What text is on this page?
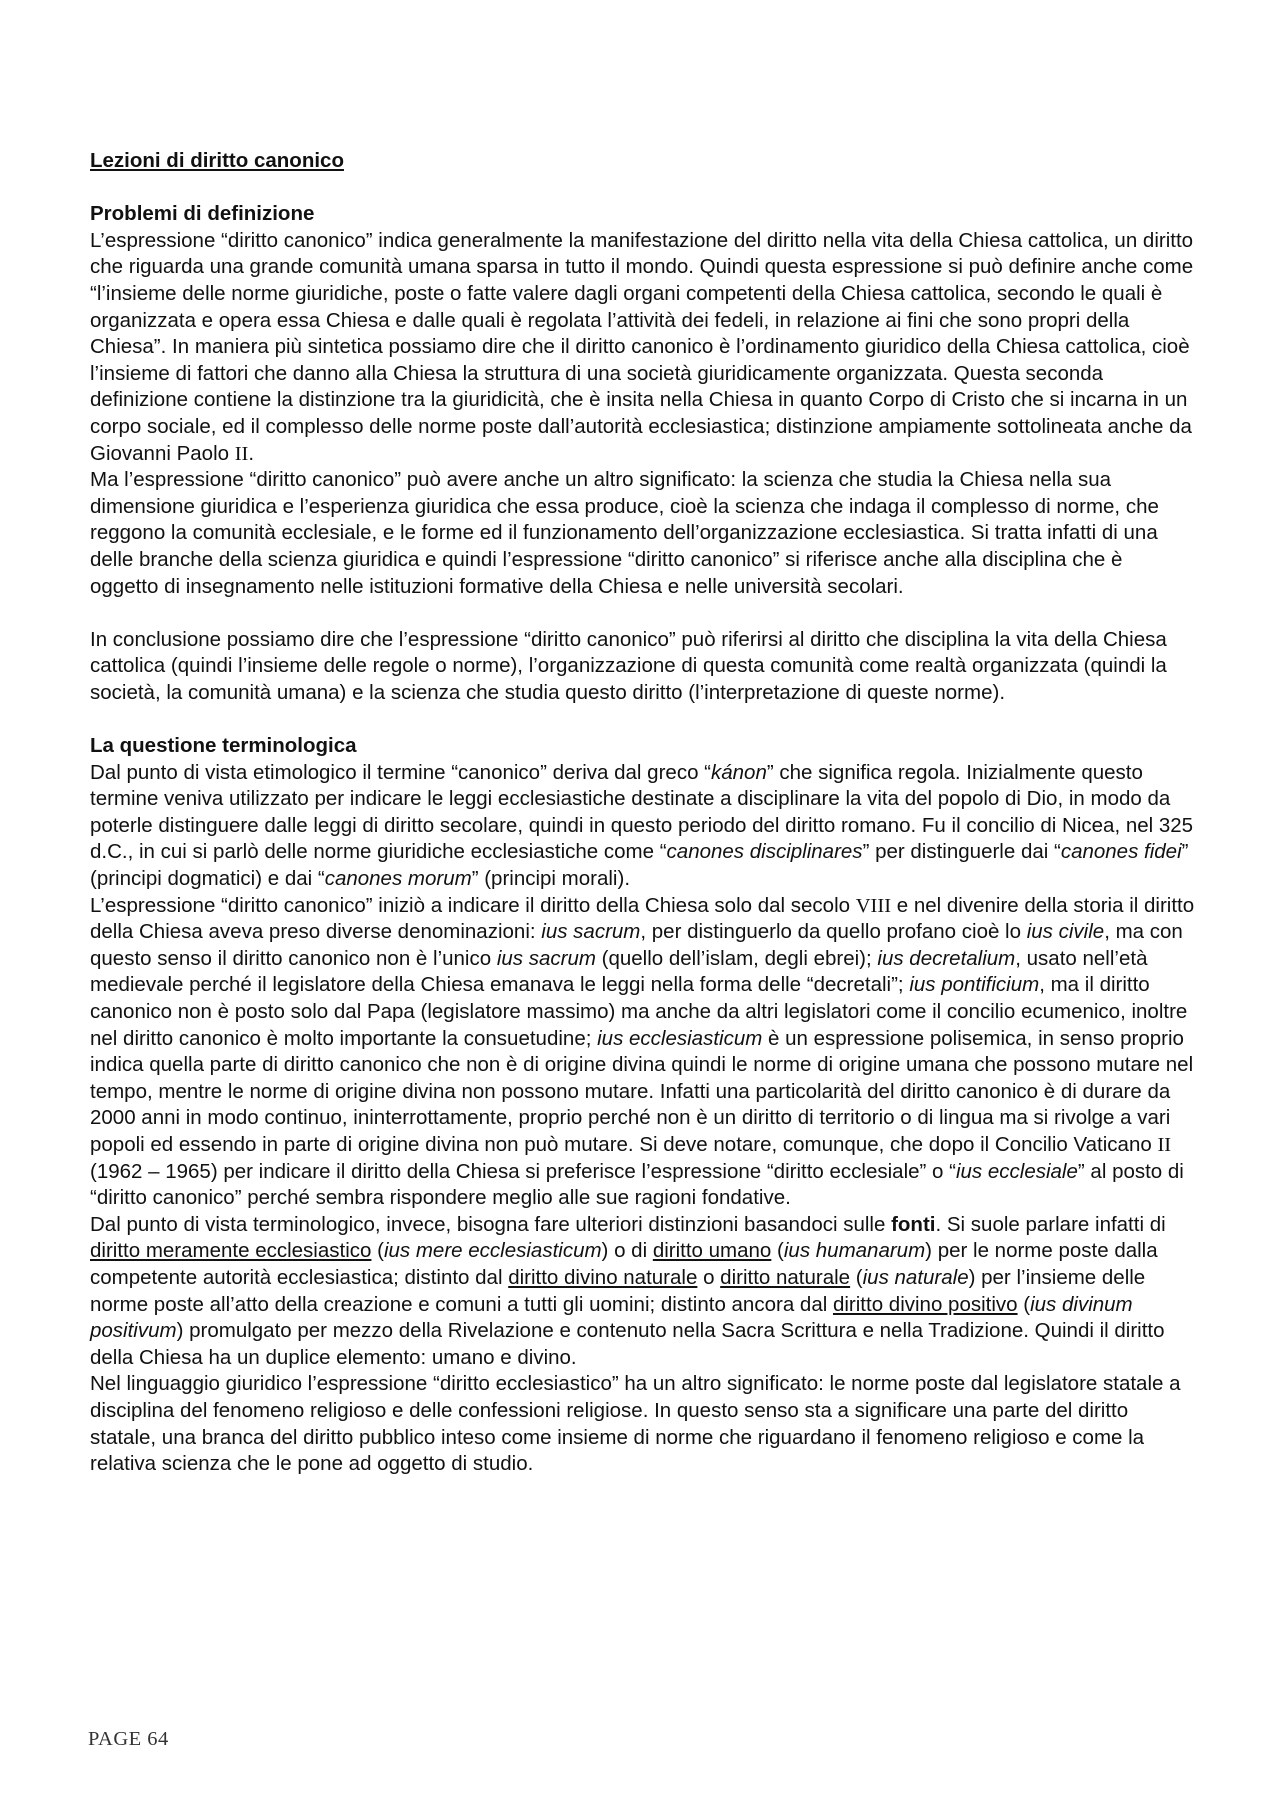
Lezioni di diritto canonico
Problemi di definizione

L’espressione “diritto canonico” indica generalmente la manifestazione del diritto nella vita della Chiesa cattolica, un diritto che riguarda una grande comunità umana sparsa in tutto il mondo. Quindi questa espressione si può definire anche come “l’insieme delle norme giuridiche, poste o fatte valere dagli organi competenti della Chiesa cattolica, secondo le quali è organizzata e opera essa Chiesa e dalle quali è regolata l’attività dei fedeli, in relazione ai fini che sono propri della Chiesa”. In maniera più sintetica possiamo dire che il diritto canonico è l’ordinamento giuridico della Chiesa cattolica, cioè l’insieme di fattori che danno alla Chiesa la struttura di una società giuridicamente organizzata. Questa seconda definizione contiene la distinzione tra la giuridicità, che è insita nella Chiesa in quanto Corpo di Cristo che si incarna in un corpo sociale, ed il complesso delle norme poste dall’autorità ecclesiastica; distinzione ampiamente sottolineata anche da Giovanni Paolo II.

Ma l’espressione “diritto canonico” può avere anche un altro significato: la scienza che studia la Chiesa nella sua dimensione giuridica e l’esperienza giuridica che essa produce, cioè la scienza che indaga il complesso di norme, che reggono la comunità ecclesiale, e le forme ed il funzionamento dell’organizzazione ecclesiastica. Si tratta infatti di una delle branche della scienza giuridica e quindi l’espressione “diritto canonico” si riferisce anche alla disciplina che è oggetto di insegnamento nelle istituzioni formative della Chiesa e nelle università secolari.

In conclusione possiamo dire che l’espressione “diritto canonico” può riferirsi al diritto che disciplina la vita della Chiesa cattolica (quindi l’insieme delle regole o norme), l’organizzazione di questa comunità come realtà organizzata (quindi la società, la comunità umana) e la scienza che studia questo diritto (l’interpretazione di queste norme).

La questione terminologica

Dal punto di vista etimologico il termine “canonico” deriva dal greco “kánon” che significa regola. Inizialmente questo termine veniva utilizzato per indicare le leggi ecclesiastiche destinate a disciplinare la vita del popolo di Dio, in modo da poterle distinguere dalle leggi di diritto secolare, quindi in questo periodo del diritto romano. Fu il concilio di Nicea, nel 325 d.C., in cui si parlò delle norme giuridiche ecclesiastiche come “canones disciplinares” per distinguerle dai “canones fidei” (principi dogmatici) e dai “canones morum” (principi morali).

L’espressione “diritto canonico” iniziò a indicare il diritto della Chiesa solo dal secolo VIII e nel divenire della storia il diritto della Chiesa aveva preso diverse denominazioni: ius sacrum, per distinguerlo da quello profano cioè lo ius civile, ma con questo senso il diritto canonico non è l’unico ius sacrum (quello dell’islam, degli ebrei); ius decretalium, usato nell’età medievale perché il legislatore della Chiesa emanava le leggi nella forma delle “decretali”; ius pontificium, ma il diritto canonico non è posto solo dal Papa (legislatore massimo) ma anche da altri legislatori come il concilio ecumenico, inoltre nel diritto canonico è molto importante la consuetudine; ius ecclesiasticum è un espressione polisemica, in senso proprio indica quella parte di diritto canonico che non è di origine divina quindi le norme di origine umana che possono mutare nel tempo, mentre le norme di origine divina non possono mutare. Infatti una particolarità del diritto canonico è di durare da 2000 anni in modo continuo, ininterrottamente, proprio perché non è un diritto di territorio o di lingua ma si rivolge a vari popoli ed essendo in parte di origine divina non può mutare. Si deve notare, comunque, che dopo il Concilio Vaticano II (1962 – 1965) per indicare il diritto della Chiesa si preferisce l’espressione “diritto ecclesiale” o “ius ecclesiale” al posto di “diritto canonico” perché sembra rispondere meglio alle sue ragioni fondative.

Dal punto di vista terminologico, invece, bisogna fare ulteriori distinzioni basandoci sulle fonti. Si suole parlare infatti di diritto meramente ecclesiastico (ius mere ecclesiasticum) o di diritto umano (ius humanarum) per le norme poste dalla competente autorità ecclesiastica; distinto dal diritto divino naturale o diritto naturale (ius naturale) per l’insieme delle norme poste all’atto della creazione e comuni a tutti gli uomini; distinto ancora dal diritto divino positivo (ius divinum positivum) promulgato per mezzo della Rivelazione e contenuto nella Sacra Scrittura e nella Tradizione. Quindi il diritto della Chiesa ha un duplice elemento: umano e divino.

Nel linguaggio giuridico l’espressione “diritto ecclesiastico” ha un altro significato: le norme poste dal legislatore statale a disciplina del fenomeno religioso e delle confessioni religiose. In questo senso sta a significare una parte del diritto statale, una branca del diritto pubblico inteso come insieme di norme che riguardano il fenomeno religioso e come la relativa scienza che le pone ad oggetto di studio.

PAGE 64
